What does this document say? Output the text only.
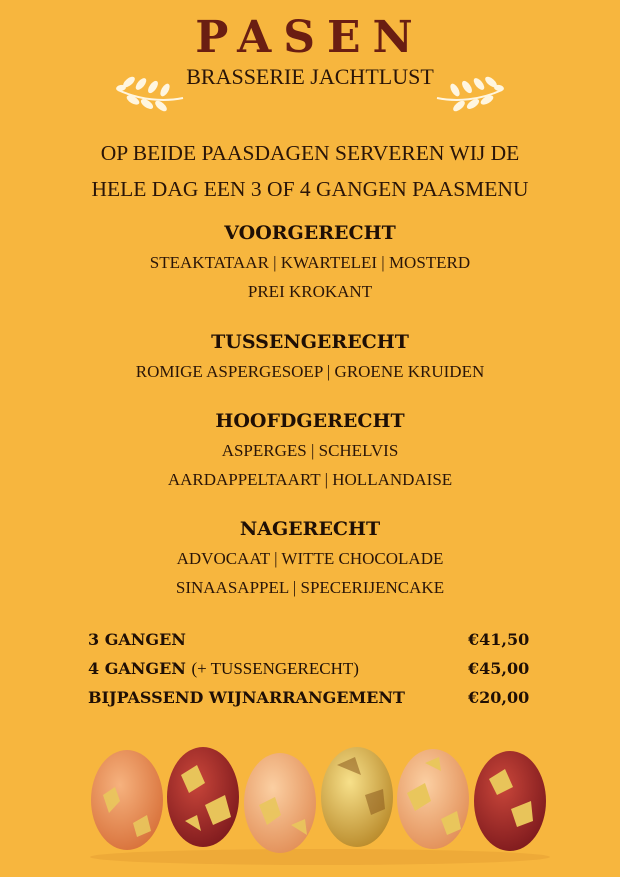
PASEN
BRASSERIE JACHTLUST
OP BEIDE PAASDAGEN SERVEREN WIJ DE
HELE DAG EEN 3 OF 4 GANGEN PAASMENU
VOORGERECHT
STEAKTATAAR | KWARTELEI | MOSTERD
PREI KROKANT
TUSSENGERECHT
ROMIGE ASPERGESOEP | GROENE KRUIDEN
HOOFDGERECHT
ASPERGES | SCHELVIS
AARDAPPELTAART | HOLLANDAISE
NAGERECHT
ADVOCAAT | WITTE CHOCOLADE
SINAASAPPEL | SPECERIJENCAKE
3 GANGEN	€41,50
4 GANGEN (+ TUSSENGERECHT)	€45,00
BIJPASSEND WIJNARRANGEMENT	€20,00
